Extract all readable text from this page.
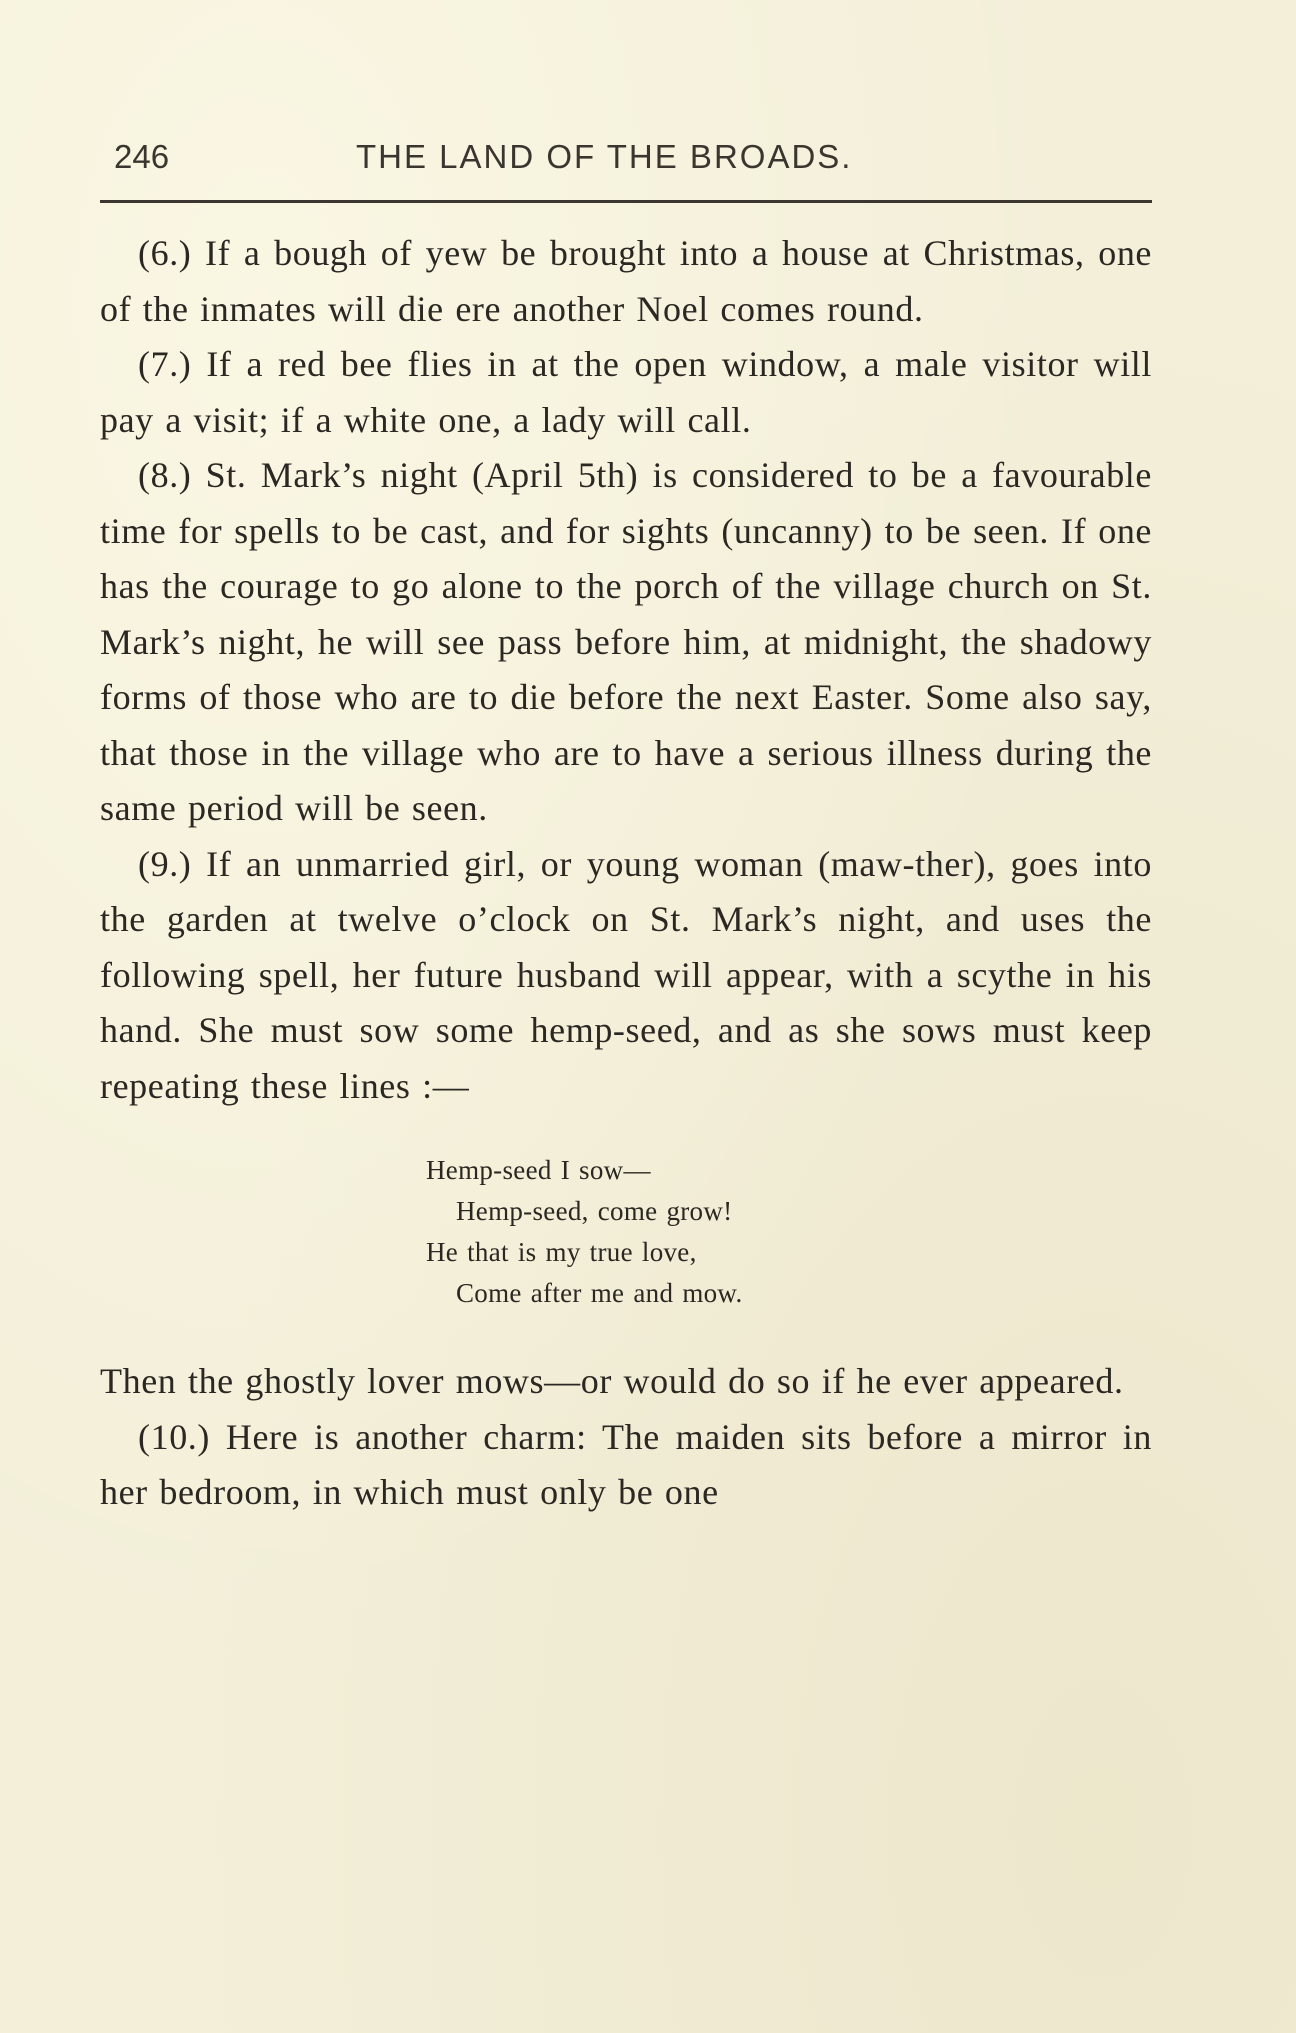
246	THE LAND OF THE BROADS.

(6.) If a bough of yew be brought into a house at Christmas, one of the inmates will die ere another Noel comes round.

(7.) If a red bee flies in at the open window, a male visitor will pay a visit; if a white one, a lady will call.

(8.) St. Mark’s night (April 5th) is considered to be a favourable time for spells to be cast, and for sights (uncanny) to be seen. If one has the courage to go alone to the porch of the village church on St. Mark’s night, he will see pass before him, at midnight, the shadowy forms of those who are to die before the next Easter. Some also say, that those in the village who are to have a serious illness during the same period will be seen.

(9.) If an unmarried girl, or young woman (maw-ther), goes into the garden at twelve o’clock on St. Mark’s night, and uses the following spell, her future husband will appear, with a scythe in his hand. She must sow some hemp-seed, and as she sows must keep repeating these lines :—

Hemp-seed I sow—
Hemp-seed, come grow!
He that is my true love,
Come after me and mow.

Then the ghostly lover mows—or would do so if he ever appeared.

(10.) Here is another charm: The maiden sits before a mirror in her bedroom, in which must only be one
